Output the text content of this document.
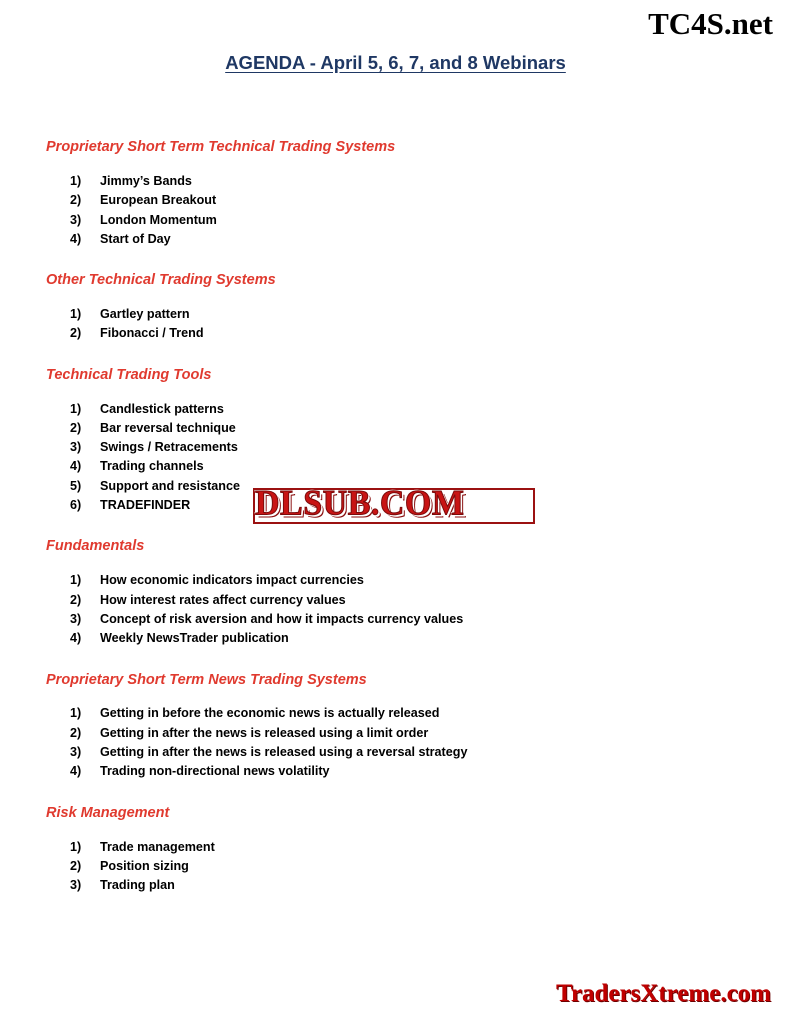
TC4S.net
AGENDA - April 5, 6, 7, and 8 Webinars
Proprietary Short Term Technical Trading Systems
1)	Jimmy’s Bands
2)	European Breakout
3)	London Momentum
4)	Start of Day
Other Technical Trading Systems
1)	Gartley pattern
2)	Fibonacci / Trend
Technical Trading Tools
1)	Candlestick patterns
2)	Bar reversal technique
3)	Swings / Retracements
4)	Trading channels
5)	Support and resistance
6)	TRADEFINDER
Fundamentals
1)	How economic indicators impact currencies
2)	How interest rates affect currency values
3)	Concept of risk aversion and how it impacts currency values
4)	Weekly NewsTrader publication
Proprietary Short Term News Trading Systems
1)	Getting in before the economic news is actually released
2)	Getting in after the news is released using a limit order
3)	Getting in after the news is released using a reversal strategy
4)	Trading non-directional news volatility
Risk Management
1)	Trade management
2)	Position sizing
3)	Trading plan
DLSUB.COM
TradersXtreme.com
